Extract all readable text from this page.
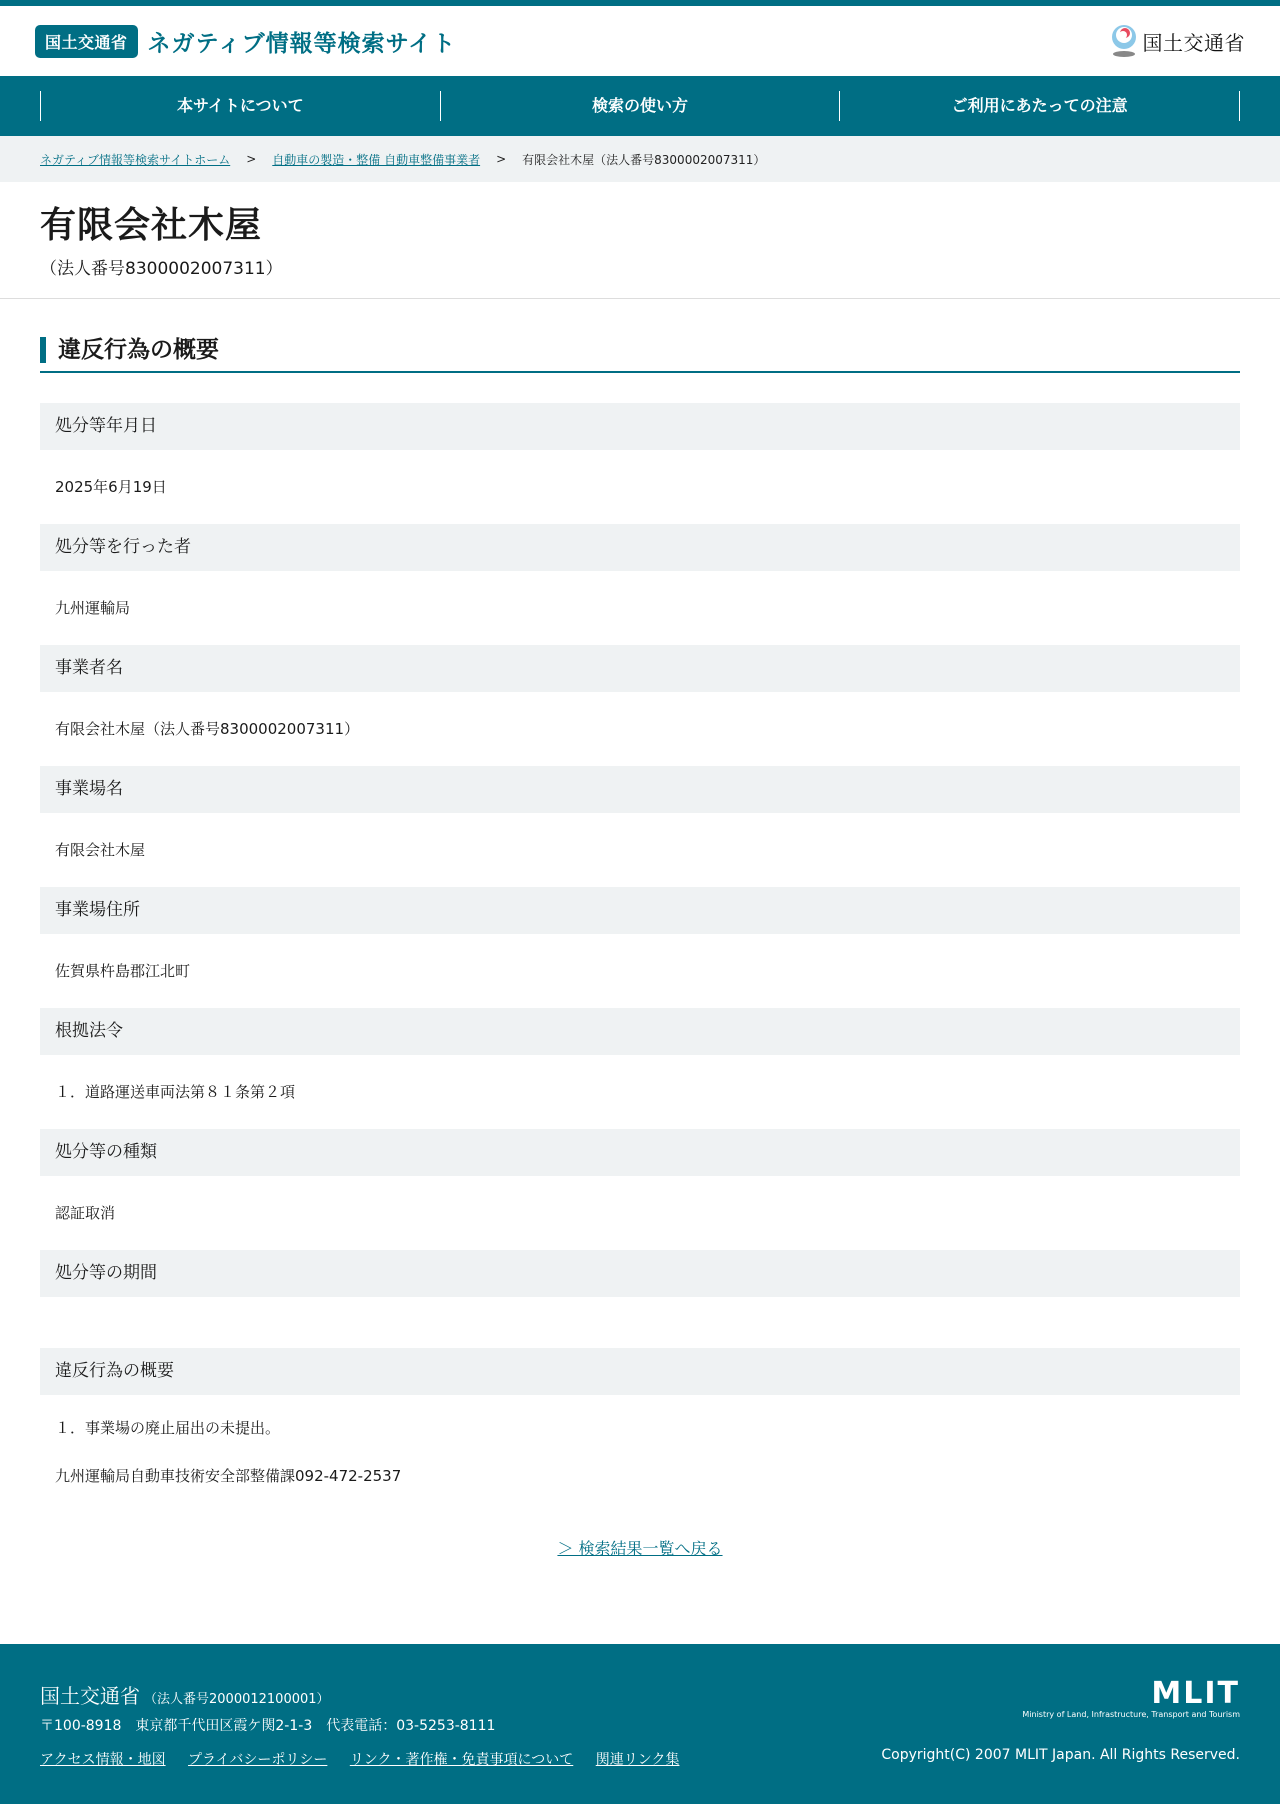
国土交通省 ネガティブ情報等検索サイト	国土交通省
本サイトについて	検索の使い方	ご利用にあたっての注意
ネガティブ情報等検索サイトホーム > 自動車の製造・整備 自動車整備事業者 > 有限会社木屋（法人番号8300002007311）
有限会社木屋
（法人番号8300002007311）
違反行為の概要
処分等年月日
2025年6月19日
処分等を行った者
九州運輸局
事業者名
有限会社木屋（法人番号8300002007311）
事業場名
有限会社木屋
事業場住所
佐賀県杵島郡江北町
根拠法令
１．道路運送車両法第８１条第２項
処分等の種類
認証取消
処分等の期間
違反行為の概要

１．事業場の廃止届出の未提出。

九州運輸局自動車技術安全部整備課092-472-2537

＞ 検索結果一覧へ戻る
国土交通省 （法人番号2000012100001）
〒100-8918　東京都千代田区霞ケ関2-1-3　代表電話：03-5253-8111
アクセス情報・地図 プライバシーポリシー リンク・著作権・免責事項について 関連リンク集
MLIT
Ministry of Land, Infrastructure, Transport and Tourism
Copyright(C) 2007 MLIT Japan. All Rights Reserved.
